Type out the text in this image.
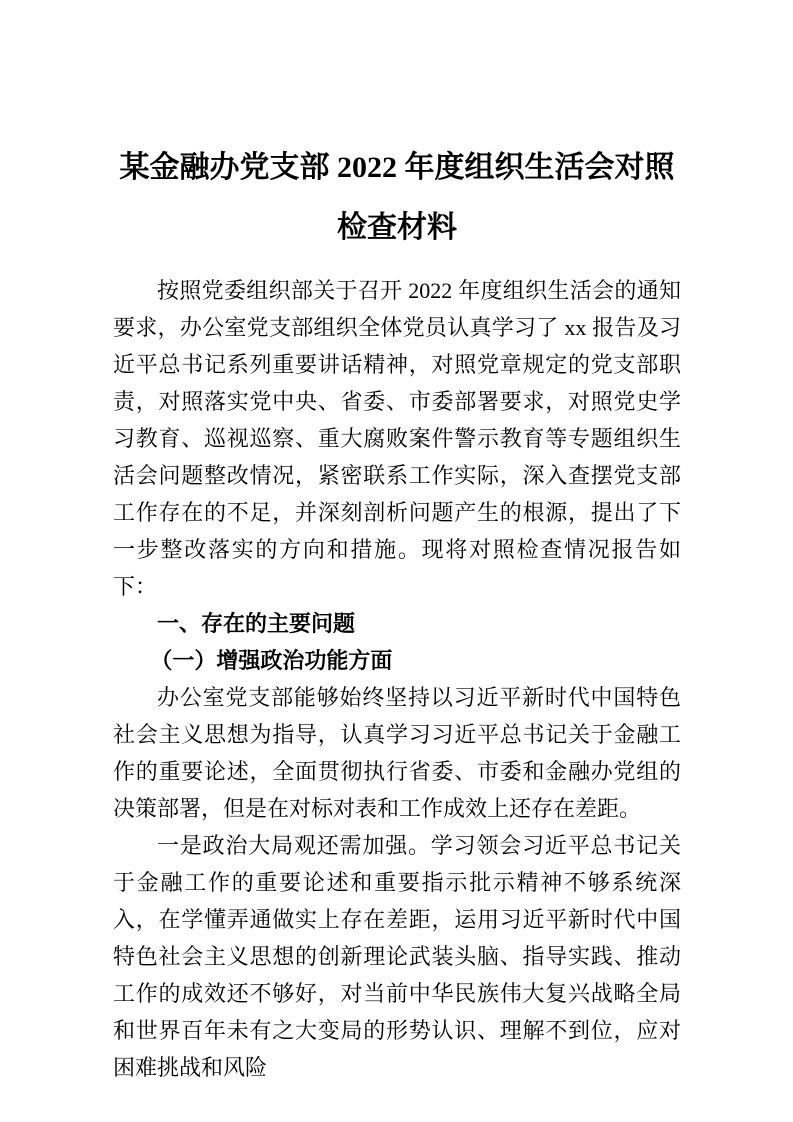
某金融办党支部 2022 年度组织生活会对照
检查材料

按照党委组织部关于召开 2022 年度组织生活会的通知要求，办公室党支部组织全体党员认真学习了 xx 报告及习近平总书记系列重要讲话精神，对照党章规定的党支部职责，对照落实党中央、省委、市委部署要求，对照党史学习教育、巡视巡察、重大腐败案件警示教育等专题组织生活会问题整改情况，紧密联系工作实际，深入查摆党支部工作存在的不足，并深刻剖析问题产生的根源，提出了下一步整改落实的方向和措施。现将对照检查情况报告如下：

一、存在的主要问题

（一）增强政治功能方面

办公室党支部能够始终坚持以习近平新时代中国特色社会主义思想为指导，认真学习习近平总书记关于金融工作的重要论述，全面贯彻执行省委、市委和金融办党组的决策部署，但是在对标对表和工作成效上还存在差距。

一是政治大局观还需加强。学习领会习近平总书记关于金融工作的重要论述和重要指示批示精神不够系统深入，在学懂弄通做实上存在差距，运用习近平新时代中国特色社会主义思想的创新理论武装头脑、指导实践、推动工作的成效还不够好，对当前中华民族伟大复兴战略全局和世界百年未有之大变局的形势认识、理解不到位，应对困难挑战和风险
